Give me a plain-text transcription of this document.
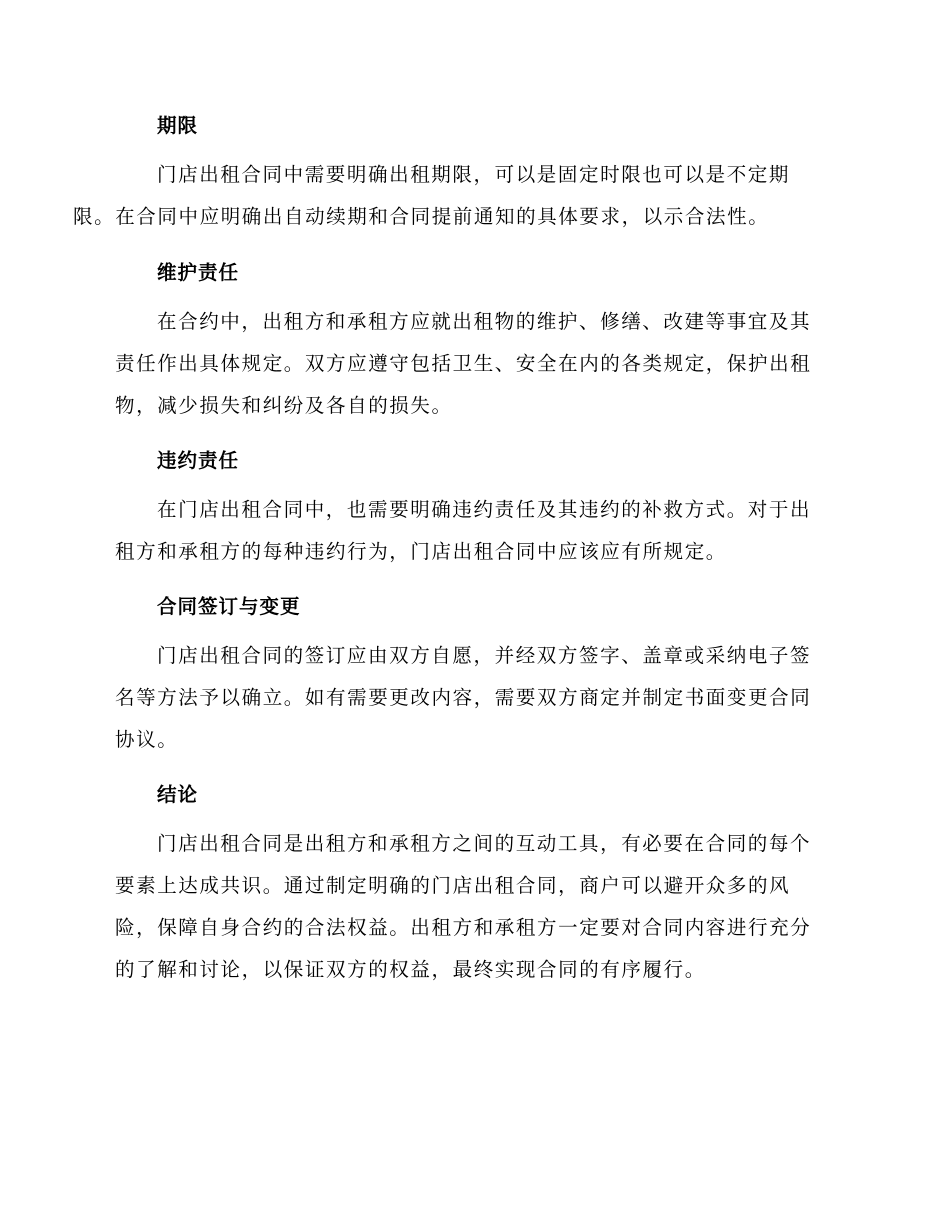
期限

门店出租合同中需要明确出租期限，可以是固定时限也可以是不定期
限。在合同中应明确出自动续期和合同提前通知的具体要求，以示合法性。

维护责任

在合约中，出租方和承租方应就出租物的维护、修缮、改建等事宜及其
责任作出具体规定。双方应遵守包括卫生、安全在内的各类规定，保护出租
物，减少损失和纠纷及各自的损失。

违约责任

在门店出租合同中，也需要明确违约责任及其违约的补救方式。对于出
租方和承租方的每种违约行为，门店出租合同中应该应有所规定。

合同签订与变更

门店出租合同的签订应由双方自愿，并经双方签字、盖章或采纳电子签
名等方法予以确立。如有需要更改内容，需要双方商定并制定书面变更合同
协议。

结论

门店出租合同是出租方和承租方之间的互动工具，有必要在合同的每个
要素上达成共识。通过制定明确的门店出租合同，商户可以避开众多的风
险，保障自身合约的合法权益。出租方和承租方一定要对合同内容进行充分
的了解和讨论，以保证双方的权益，最终实现合同的有序履行。
